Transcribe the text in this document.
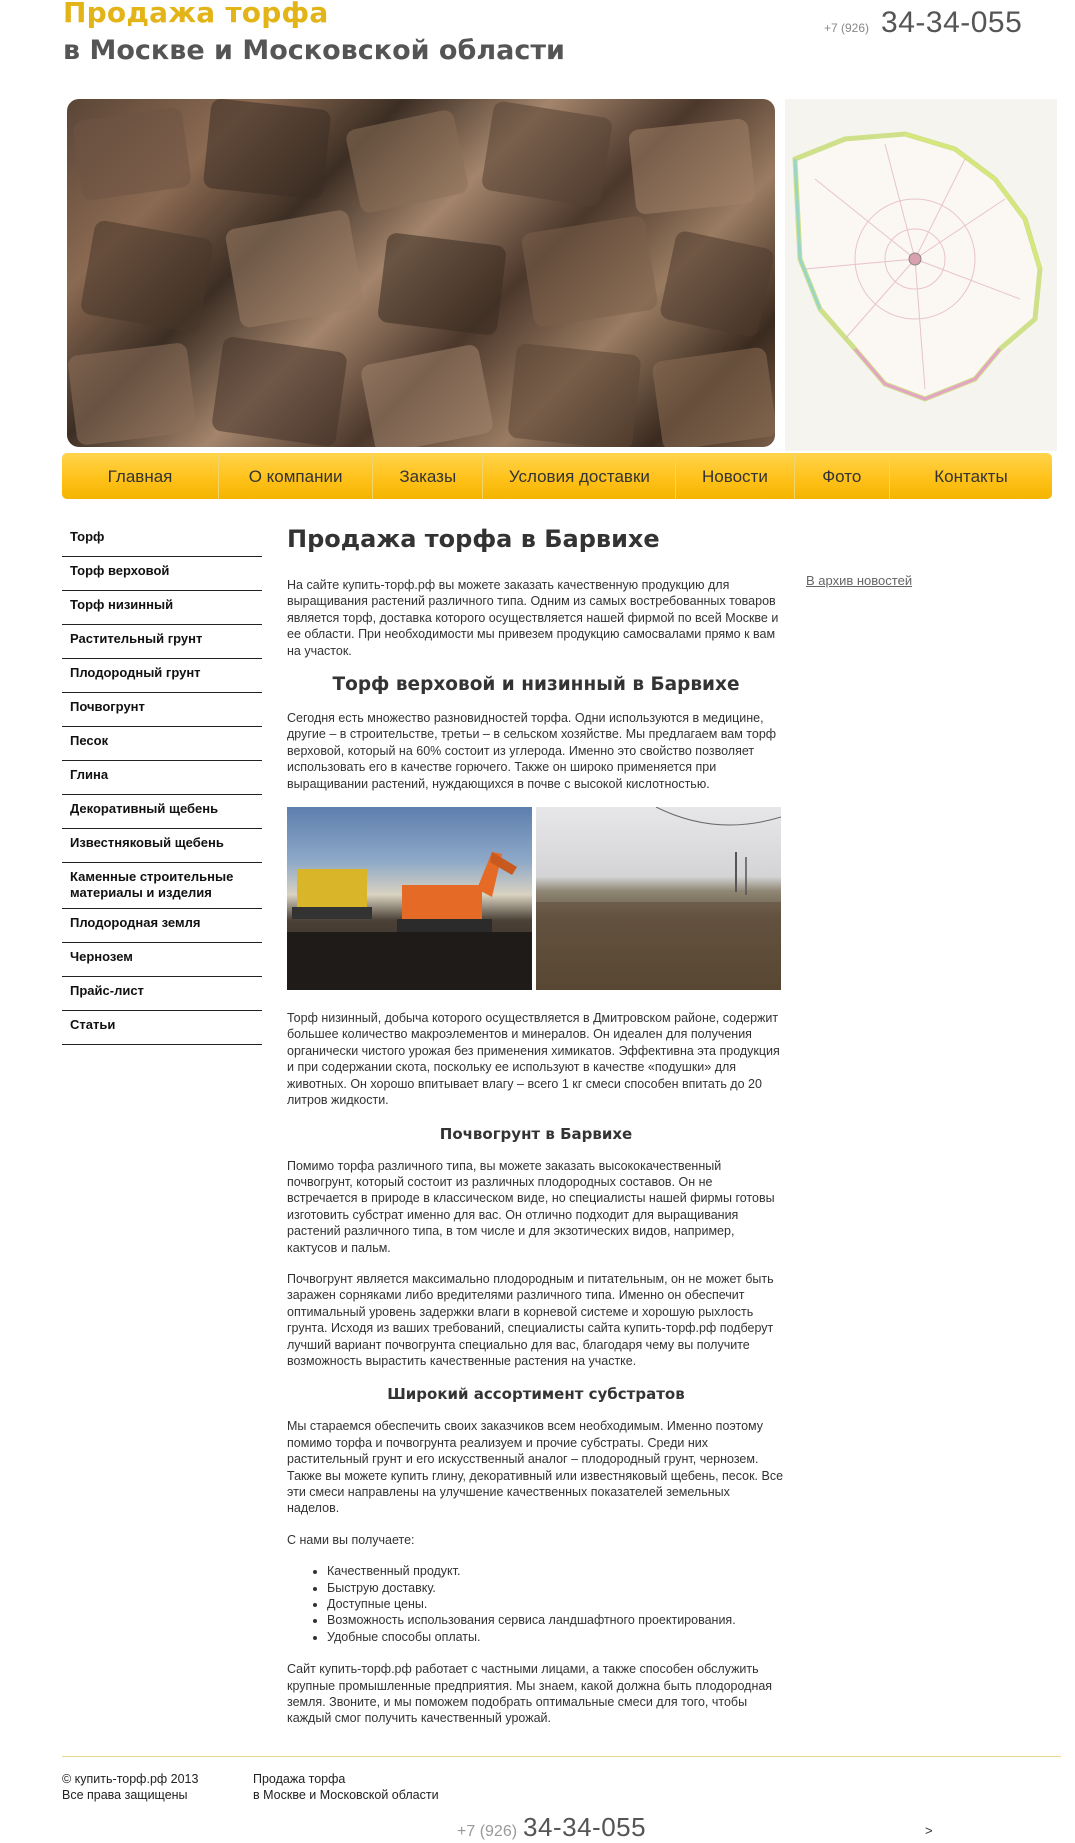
Продажа торфа
в Москве и Московской области
+7 (926) 34-34-055
Главная	О компании	Заказы	Условия доставки	Новости	Фото	Контакты
Торф
Торф верховой
Торф низинный
Растительный грунт
Плодородный грунт
Почвогрунт
Песок
Глина
Декоративный щебень
Известняковый щебень
Каменные строительные материалы и изделия
Плодородная земля
Чернозем
Прайс-лист
Статьи
Продажа торфа в Барвихе

На сайте купить-торф.рф вы можете заказать качественную продукцию для выращивания растений различного типа. Одним из самых востребованных товаров является торф, доставка которого осуществляется нашей фирмой по всей Москве и ее области. При необходимости мы привезем продукцию самосвалами прямо к вам на участок.

Торф верховой и низинный в Барвихе

Сегодня есть множество разновидностей торфа. Одни используются в медицине, другие – в строительстве, третьи – в сельском хозяйстве. Мы предлагаем вам торф верховой, который на 60% состоит из углерода. Именно это свойство позволяет использовать его в качестве горючего. Также он широко применяется при выращивании растений, нуждающихся в почве с высокой кислотностью.

Торф низинный, добыча которого осуществляется в Дмитровском районе, содержит большее количество макроэлементов и минералов. Он идеален для получения органически чистого урожая без применения химикатов. Эффективна эта продукция и при содержании скота, поскольку ее используют в качестве «подушки» для животных. Он хорошо впитывает влагу – всего 1 кг смеси способен впитать до 20 литров жидкости.

Почвогрунт в Барвихе

Помимо торфа различного типа, вы можете заказать высококачественный почвогрунт, который состоит из различных плодородных составов. Он не встречается в природе в классическом виде, но специалисты нашей фирмы готовы изготовить субстрат именно для вас. Он отлично подходит для выращивания растений различного типа, в том числе и для экзотических видов, например, кактусов и пальм.

Почвогрунт является максимально плодородным и питательным, он не может быть заражен сорняками либо вредителями различного типа. Именно он обеспечит оптимальный уровень задержки влаги в корневой системе и хорошую рыхлость грунта. Исходя из ваших требований, специалисты сайта купить-торф.рф подберут лучший вариант почвогрунта специально для вас, благодаря чему вы получите возможность вырастить качественные растения на участке.

Широкий ассортимент субстратов

Мы стараемся обеспечить своих заказчиков всем необходимым. Именно поэтому помимо торфа и почвогрунта реализуем и прочие субстраты. Среди них растительный грунт и его искусственный аналог – плодородный грунт, чернозем. Также вы можете купить глину, декоративный или известняковый щебень, песок. Все эти смеси направлены на улучшение качественных показателей земельных наделов.

С нами вы получаете:

• Качественный продукт.
• Быструю доставку.
• Доступные цены.
• Возможность использования сервиса ландшафтного проектирования.
• Удобные способы оплаты.

Сайт купить-торф.рф работает с частными лицами, а также способен обслужить крупные промышленные предприятия. Мы знаем, какой должна быть плодородная земля. Звоните, и мы поможем подобрать оптимальные смеси для того, чтобы каждый смог получить качественный урожай.

В архив новостей
© купить-торф.рф 2013
Все права защищены
Продажа торфа
в Москве и Московской области
+7 (926) 34-34-055	>
